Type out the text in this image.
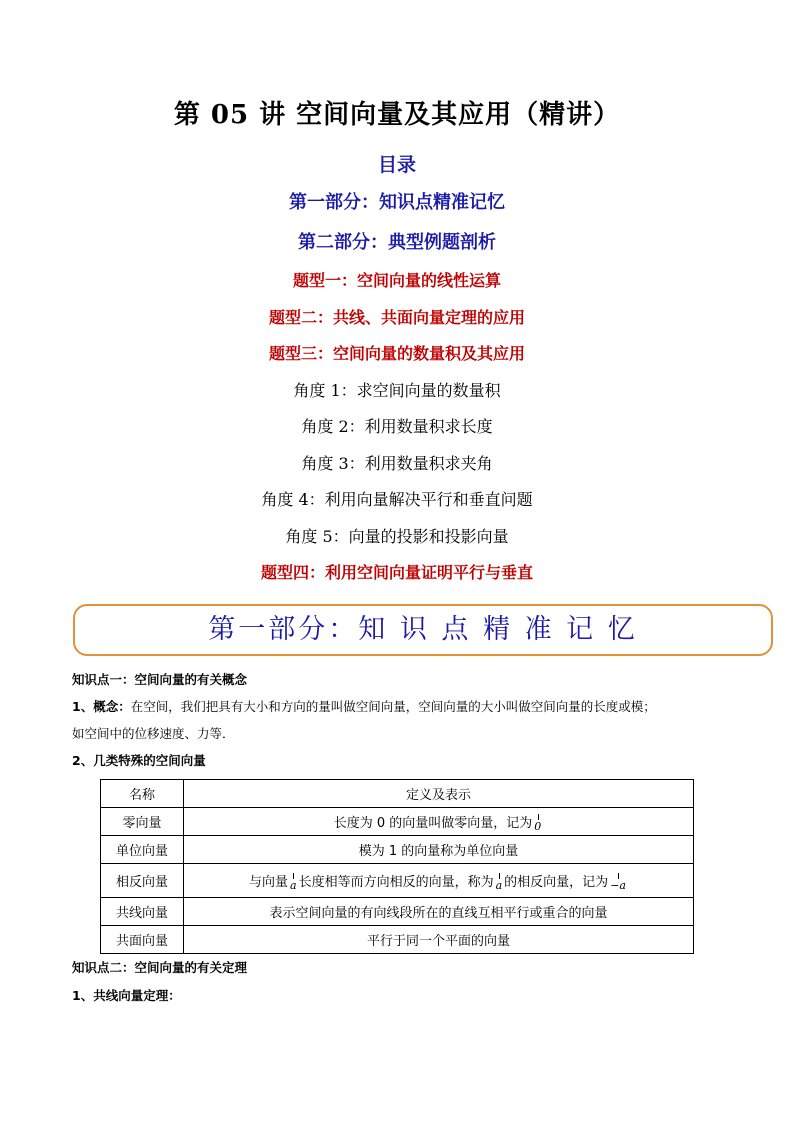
第 05 讲 空间向量及其应用（精讲）
目录
第一部分：知识点精准记忆
第二部分：典型例题剖析
题型一：空间向量的线性运算
题型二：共线、共面向量定理的应用
题型三：空间向量的数量积及其应用
角度 1：求空间向量的数量积
角度 2：利用数量积求长度
角度 3：利用数量积求夹角
角度 4：利用向量解决平行和垂直问题
角度 5：向量的投影和投影向量
题型四：利用空间向量证明平行与垂直
第一部分：知 识 点 精 准 记 忆
知识点一：空间向量的有关概念
1、概念：在空间，我们把具有大小和方向的量叫做空间向量，空间向量的大小叫做空间向量的长度或模；
如空间中的位移速度、力等．
2、几类特殊的空间向量
名称	定义及表示
零向量	长度为 0 的向量叫做零向量，记为 0
单位向量	模为 1 的向量称为单位向量
相反向量	与向量 a 长度相等而方向相反的向量，称为 a 的相反向量，记为 −a
共线向量	表示空间向量的有向线段所在的直线互相平行或重合的向量
共面向量	平行于同一个平面的向量
知识点二：空间向量的有关定理
1、共线向量定理：
